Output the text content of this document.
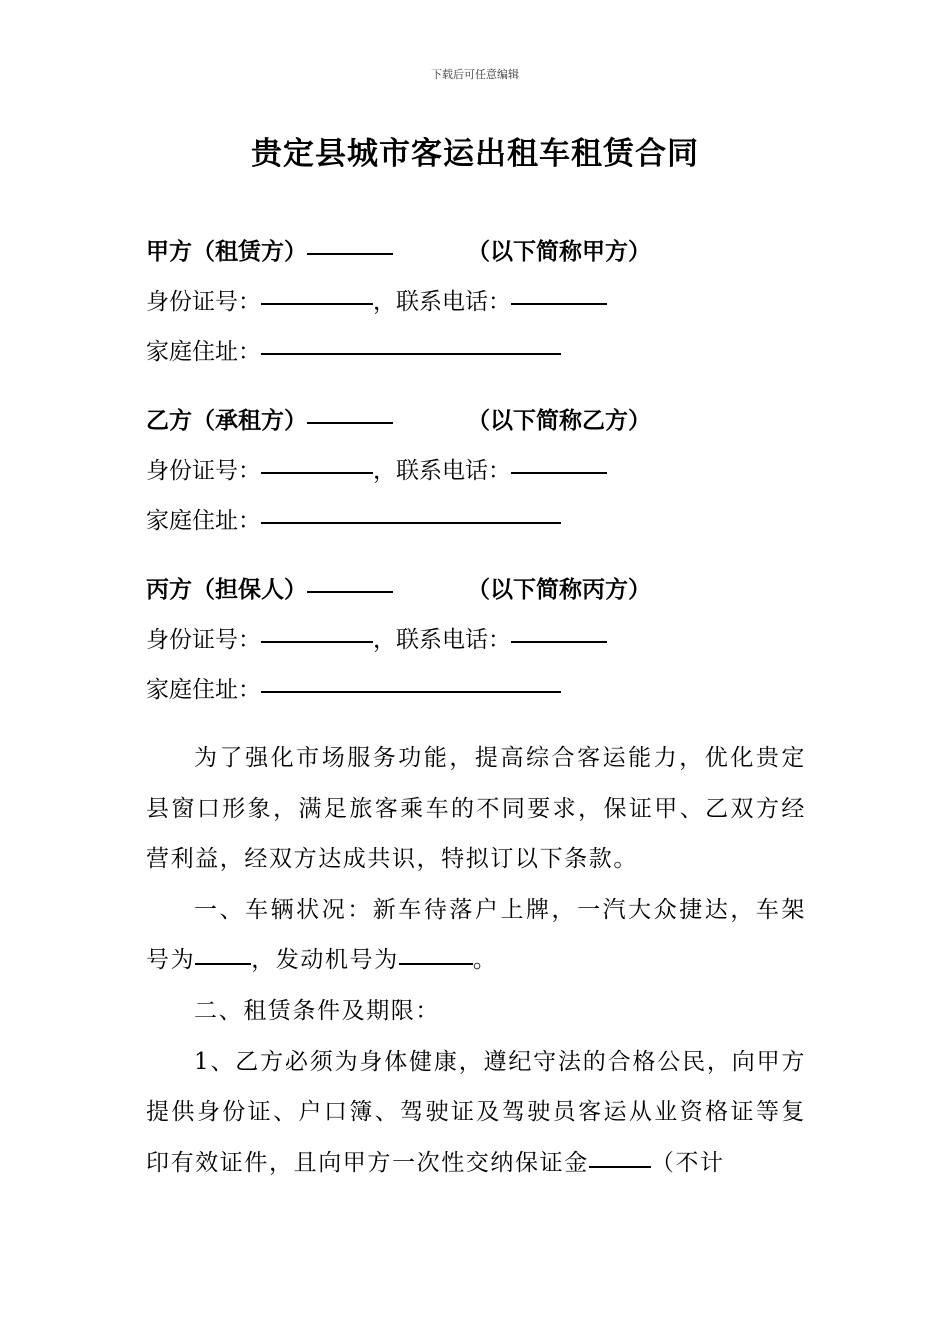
下载后可任意编辑
贵定县城市客运出租车租赁合同
甲方（租赁方）	（以下简称甲方）
身份证号：	，联系电话：
家庭住址：
乙方（承租方）	（以下简称乙方）
身份证号：	，联系电话：
家庭住址：
丙方（担保人）	（以下简称丙方）
身份证号：	，联系电话：
家庭住址：

为了强化市场服务功能，提高综合客运能力，优化贵定县窗口形象，满足旅客乘车的不同要求，保证甲、乙双方经营利益，经双方达成共识，特拟订以下条款。

一、车辆状况：新车待落户上牌，一汽大众捷达，车架号为 ，发动机号为	。

二、租赁条件及期限：

1、乙方必须为身体健康，遵纪守法的合格公民，向甲方提供身份证、户口簿、驾驶证及驾驶员客运从业资格证等复印有效证件，且向甲方一次性交纳保证金	（不计
